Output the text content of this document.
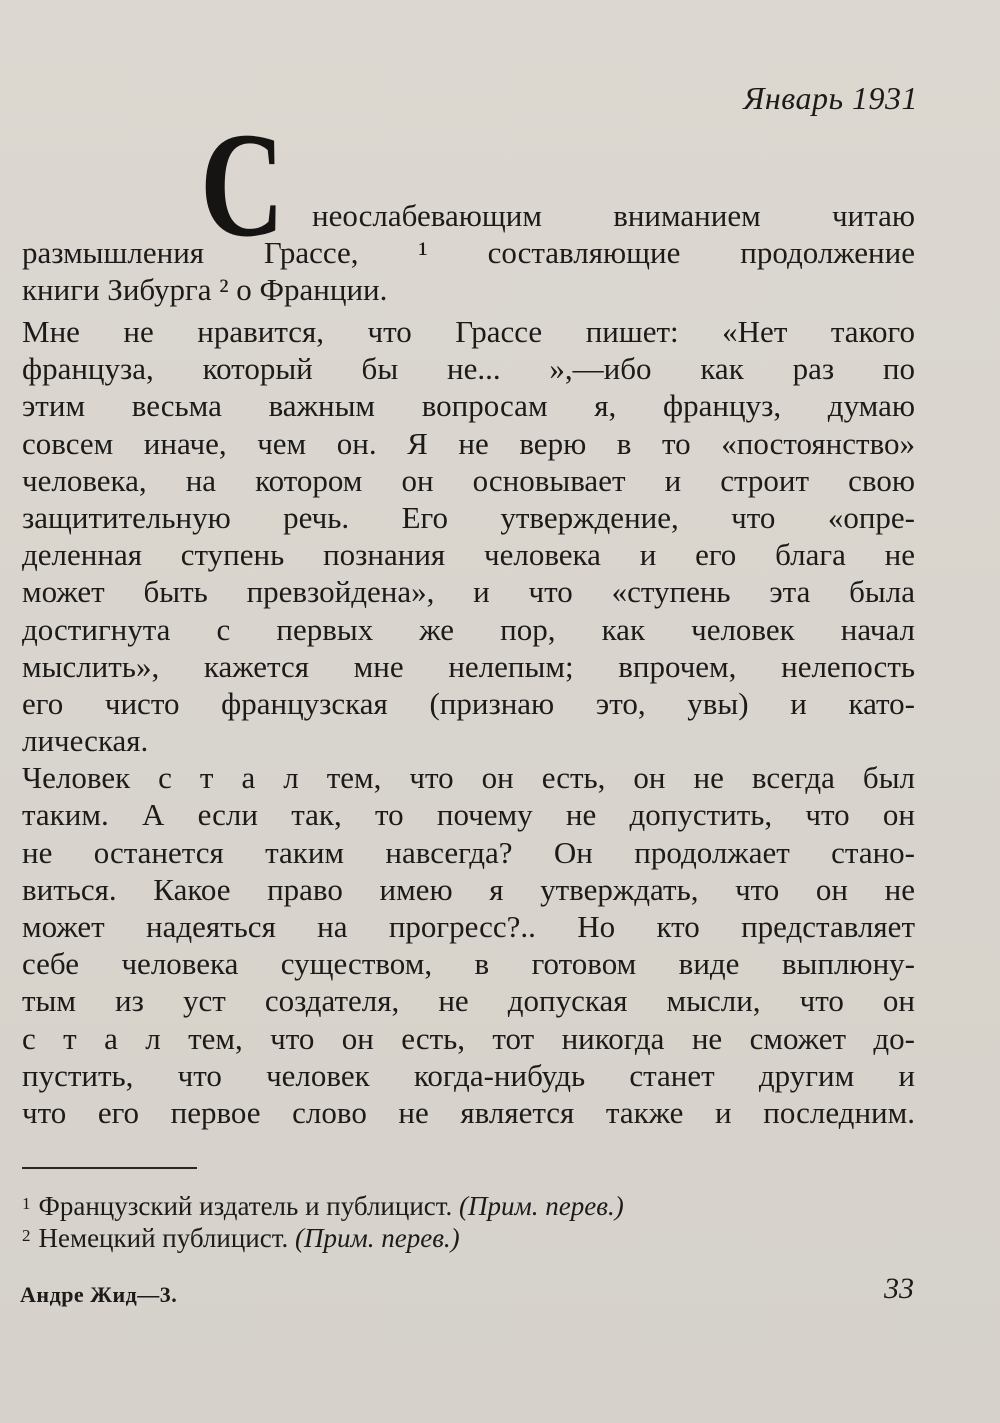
Январь 1931
С неослабевающим вниманием читаю
размышления Грассе, ¹ составляющие продолжение
книги Зибурга ² о Франции.
Мне не нравится, что Грассе пишет: «Нет такого
француза, который бы не... »,—ибо как раз по
этим весьма важным вопросам я, француз, думаю
совсем иначе, чем он. Я не верю в то «постоянство»
человека, на котором он основывает и строит свою
защитительную речь. Его утверждение, что «опре-
деленная ступень познания человека и его блага не
может быть превзойдена», и что «ступень эта была
достигнута с первых же пор, как человек начал
мыслить», кажется мне нелепым; впрочем, нелепость
его чисто французская (признаю это, увы) и като-
лическая.
Человек с т а л тем, что он есть, он не всегда был
таким. А если так, то почему не допустить, что он
не останется таким навсегда? Он продолжает стано-
виться. Какое право имею я утверждать, что он не
может надеяться на прогресс?.. Но кто представляет
себе человека существом, в готовом виде выплюну-
тым из уст создателя, не допуская мысли, что он
с т а л тем, что он есть, тот никогда не сможет до-
пустить, что человек когда-нибудь станет другим и
что его первое слово не является также и последним.
$^1$ Французский издатель и публицист. (Прим. перев.)
$^2$ Немецкий публицист. (Прим. перев.)
Андре Жид—3.	33
